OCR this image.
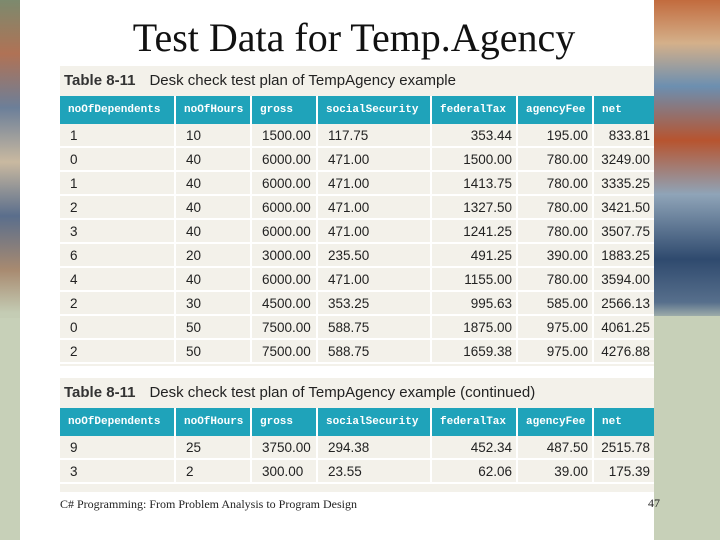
Test Data for Temp.Agency
Table 8-11 Desk check test plan of TempAgency example
noOfDependents	noOfHours	gross	socialSecurity	federalTax	agencyFee	net
1	10	1500.00	117.75	353.44	195.00	833.81
0	40	6000.00	471.00	1500.00	780.00	3249.00
1	40	6000.00	471.00	1413.75	780.00	3335.25
2	40	6000.00	471.00	1327.50	780.00	3421.50
3	40	6000.00	471.00	1241.25	780.00	3507.75
6	20	3000.00	235.50	491.25	390.00	1883.25
4	40	6000.00	471.00	1155.00	780.00	3594.00
2	30	4500.00	353.25	995.63	585.00	2566.13
0	50	7500.00	588.75	1875.00	975.00	4061.25
2	50	7500.00	588.75	1659.38	975.00	4276.88
Table 8-11 Desk check test plan of TempAgency example (continued)
noOfDependents	noOfHours	gross	socialSecurity	federalTax	agencyFee	net
9	25	3750.00	294.38	452.34	487.50	2515.78
3	2	300.00	23.55	62.06	39.00	175.39
C# Programming: From Problem Analysis to Program Design	47
